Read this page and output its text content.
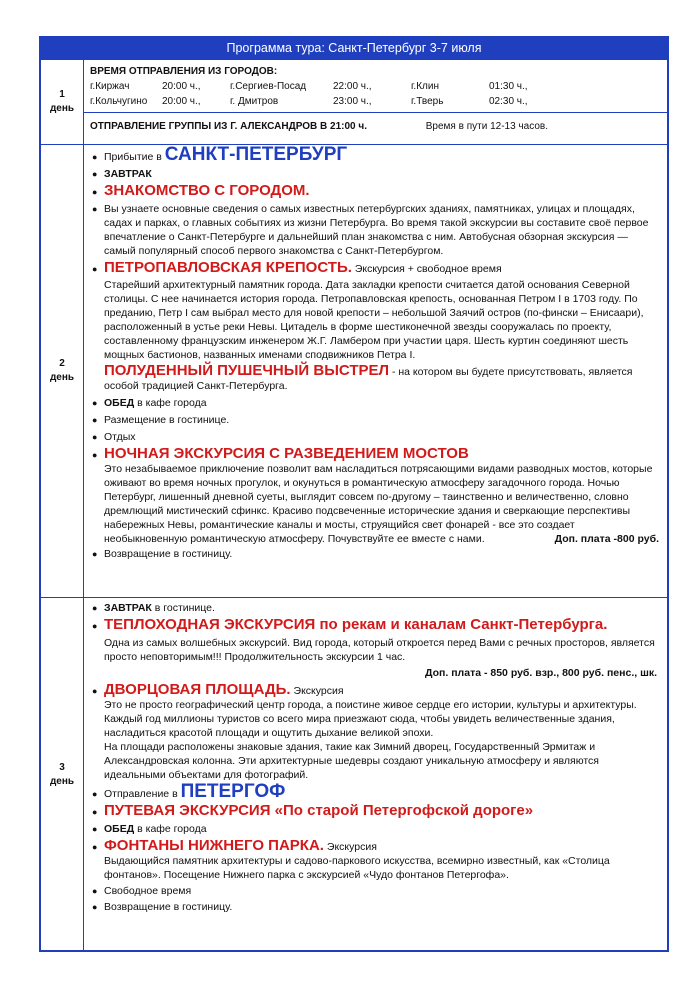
Программа тура: Санкт-Петербург 3-7 июля
1
день
ВРЕМЯ ОТПРАВЛЕНИЯ ИЗ ГОРОДОВ:
г.Киржач	20:00 ч.,	г.Сергиев-Посад	22:00 ч.,	г.Клин	01:30 ч.,
г.Кольчугино	20:00 ч.,	г. Дмитров	23:00 ч.,	г.Тверь	02:30 ч.,
ОТПРАВЛЕНИЕ ГРУППЫ ИЗ Г. АЛЕКСАНДРОВ В 21:00 ч.	Время в пути 12-13 часов.
2
день
● Прибытие в САНКТ-ПЕТЕРБУРГ
● ЗАВТРАК
● ЗНАКОМСТВО С ГОРОДОМ.
● Вы узнаете основные сведения о самых известных петербургских зданиях, памятниках, улицах и площадях, садах и парках, о главных событиях из жизни Петербурга. Во время такой экскурсии вы составите своё первое впечатление о Санкт-Петербурге и дальнейший план знакомства с ним. Автобусная обзорная экскурсия — самый популярный способ первого знакомства с Санкт-Петербургом.
● ПЕТРОПАВЛОВСКАЯ КРЕПОСТЬ. Экскурсия + свободное время
Старейший архитектурный памятник города. Дата закладки крепости считается датой основания Северной столицы. С нее начинается история города. Петропавловская крепость, основанная Петром I в 1703 году. По преданию, Петр I сам выбрал место для новой крепости – небольшой Заячий остров (по-фински – Енисаари), расположенный в устье реки Невы. Цитадель в форме шестиконечной звезды сооружалась по проекту, составленному французским инженером Ж.Г. Ламбером при участии царя. Шесть куртин соединяют шесть мощных бастионов, названных именами сподвижников Петра I.
ПОЛУДЕННЫЙ ПУШЕЧНЫЙ ВЫСТРЕЛ - на котором вы будете присутствовать, является особой традицией Санкт-Петербурга.
● ОБЕД в кафе города
● Размещение в гостинице.
● Отдых
● НОЧНАЯ ЭКСКУРСИЯ С РАЗВЕДЕНИЕМ МОСТОВ
Это незабываемое приключение позволит вам насладиться потрясающими видами разводных мостов, которые оживают во время ночных прогулок, и окунуться в романтическую атмосферу загадочного города. Ночью Петербург, лишенный дневной суеты, выглядит совсем по-другому – таинственно и величественно, словно дремлющий мистический сфинкс. Красиво подсвеченные исторические здания и сверкающие перспективы набережных Невы, романтические каналы и мосты, струящийся свет фонарей - все это создает необыкновенную романтическую атмосферу. Почувствуйте ее вместе с нами.	Доп. плата -800 руб.
● Возвращение в гостиницу.
3
день
● ЗАВТРАК в гостинице.
● ТЕПЛОХОДНАЯ ЭКСКУРСИЯ по рекам и каналам Санкт-Петербурга.
Одна из самых волшебных экскурсий. Вид города, который откроется перед Вами с речных просторов, является просто неповторимым!!! Продолжительность экскурсии 1 час.
Доп. плата - 850 руб. взр., 800 руб. пенс., шк.
● ДВОРЦОВАЯ ПЛОЩАДЬ. Экскурсия
Это не просто географический центр города, а поистине живое сердце его истории, культуры и архитектуры. Каждый год миллионы туристов со всего мира приезжают сюда, чтобы увидеть величественные здания, насладиться красотой площади и ощутить дыхание великой эпохи.
На площади расположены знаковые здания, такие как Зимний дворец, Государственный Эрмитаж и Александровская колонна. Эти архитектурные шедевры создают уникальную атмосферу и являются идеальными объектами для фотографий.
● Отправление в ПЕТЕРГОФ
● ПУТЕВАЯ ЭКСКУРСИЯ «По старой Петергофской дороге»
● ОБЕД в кафе города
● ФОНТАНЫ НИЖНЕГО ПАРКА. Экскурсия
Выдающийся памятник архитектуры и садово-паркового искусства, всемирно известный, как «Столица фонтанов». Посещение Нижнего парка с экскурсией «Чудо фонтанов Петергофа».
● Свободное время
● Возвращение в гостиницу.
